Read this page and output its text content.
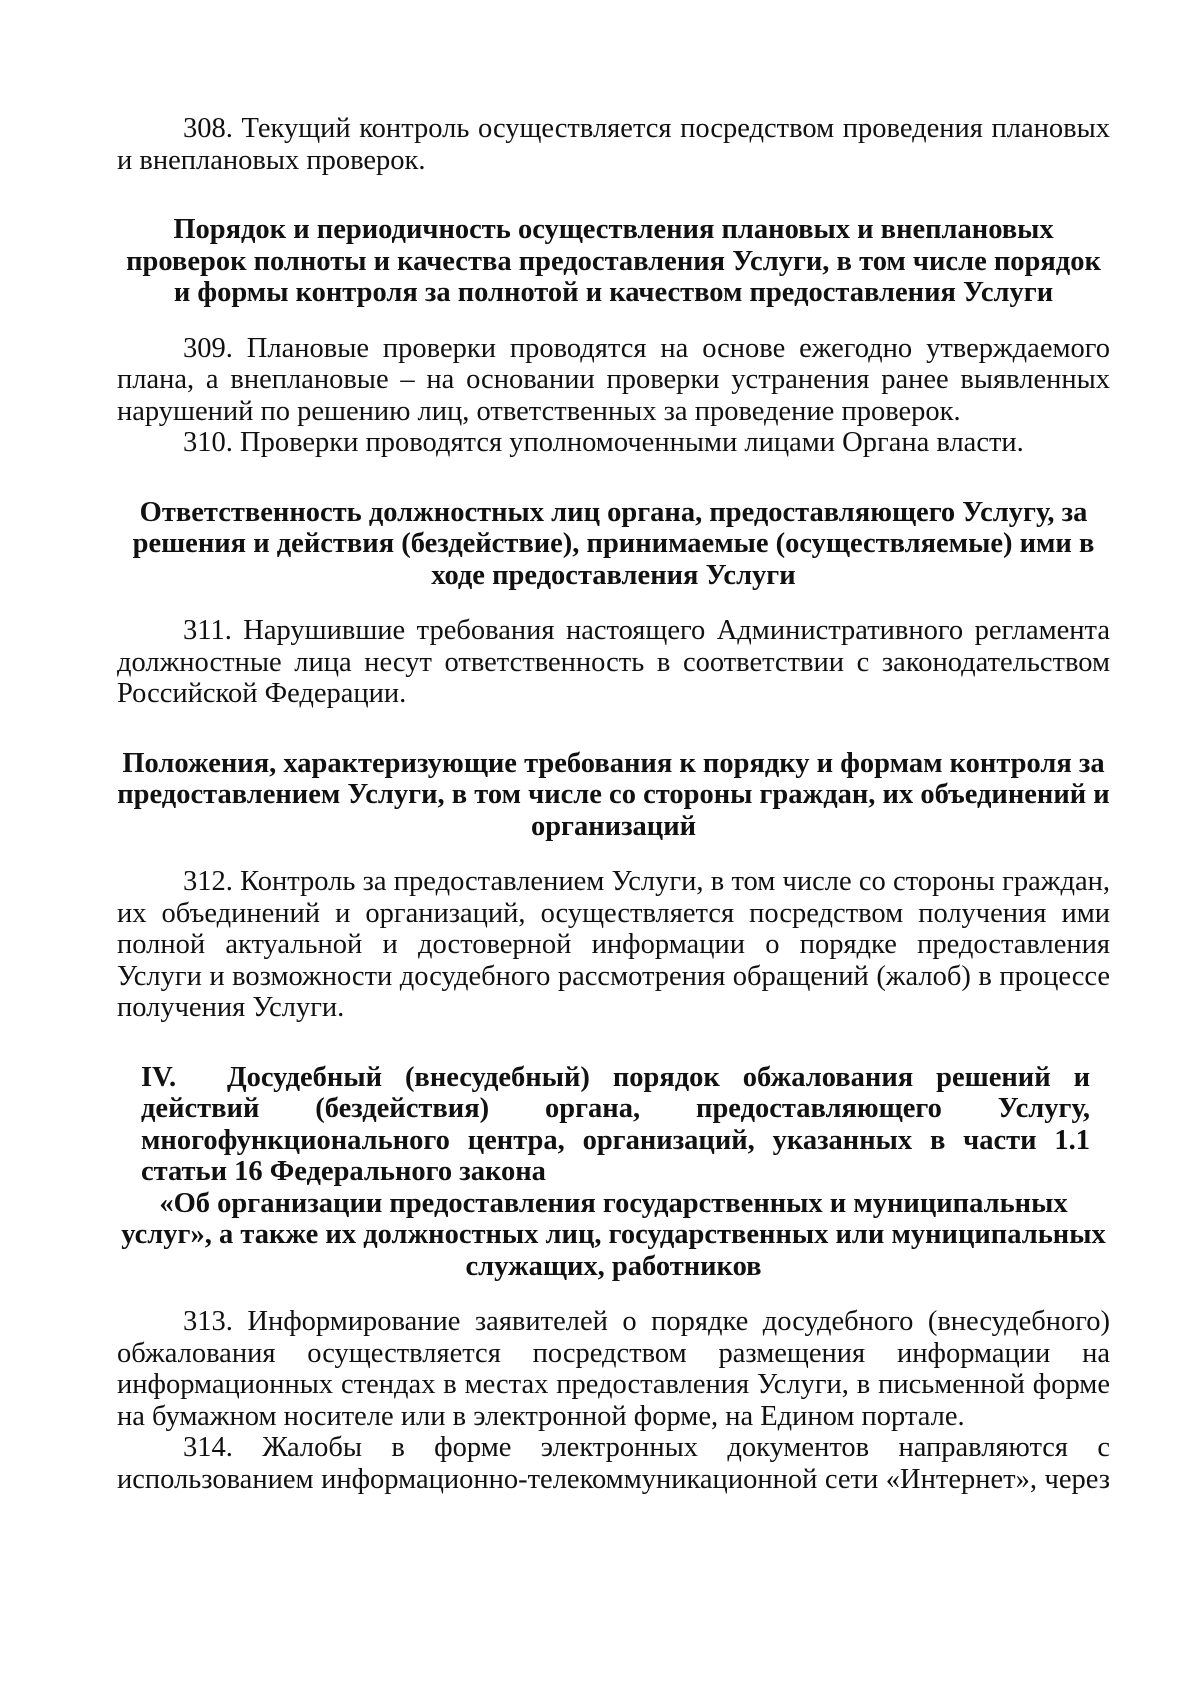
308. Текущий контроль осуществляется посредством проведения плановых и внеплановых проверок.

Порядок и периодичность осуществления плановых и внеплановых проверок полноты и качества предоставления Услуги, в том числе порядок и формы контроля за полнотой и качеством предоставления Услуги

309. Плановые проверки проводятся на основе ежегодно утверждаемого плана, а внеплановые – на основании проверки устранения ранее выявленных нарушений по решению лиц, ответственных за проведение проверок.

310. Проверки проводятся уполномоченными лицами Органа власти.

Ответственность должностных лиц органа, предоставляющего Услугу, за решения и действия (бездействие), принимаемые (осуществляемые) ими в ходе предоставления Услуги

311. Нарушившие требования настоящего Административного регламента должностные лица несут ответственность в соответствии с законодательством Российской Федерации.

Положения, характеризующие требования к порядку и формам контроля за предоставлением Услуги, в том числе со стороны граждан, их объединений и организаций

312. Контроль за предоставлением Услуги, в том числе со стороны граждан, их объединений и организаций, осуществляется посредством получения ими полной актуальной и достоверной информации о порядке предоставления Услуги и возможности досудебного рассмотрения обращений (жалоб) в процессе получения Услуги.

IV. Досудебный (внесудебный) порядок обжалования решений и действий (бездействия) органа, предоставляющего Услугу, многофункционального центра, организаций, указанных в части 1.1 статьи 16 Федерального закона

«Об организации предоставления государственных и муниципальных услуг», а также их должностных лиц, государственных или муниципальных служащих, работников

313. Информирование заявителей о порядке досудебного (внесудебного) обжалования осуществляется посредством размещения информации на информационных стендах в местах предоставления Услуги, в письменной форме на бумажном носителе или в электронной форме, на Едином портале.

314. Жалобы в форме электронных документов направляются с использованием информационно-телекоммуникационной сети «Интернет», через
